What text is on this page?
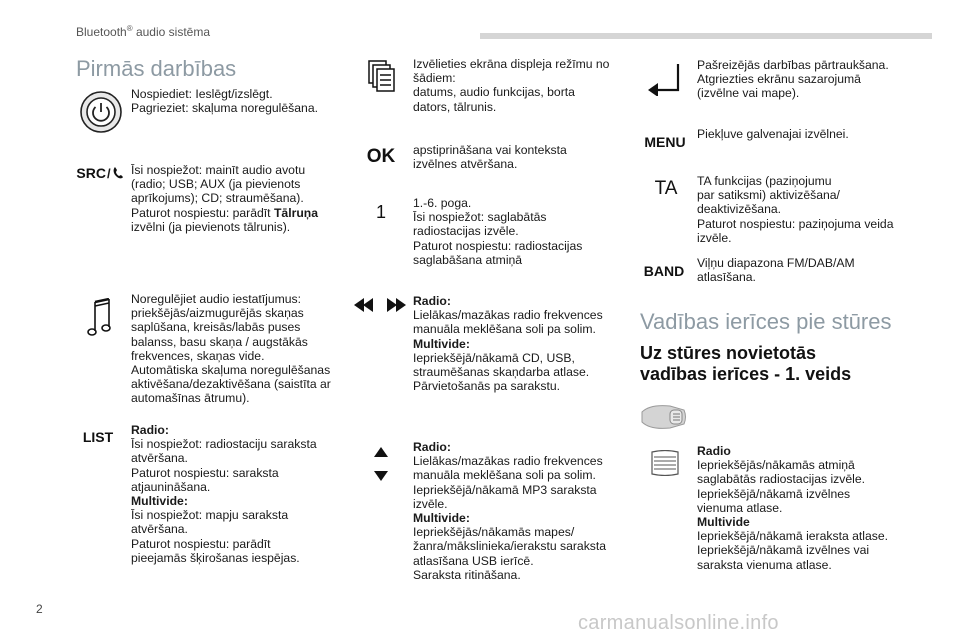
Bluetooth® audio sistēma
Pirmās darbības

Nospiediet: Ieslēgt/izslēgt.

Pagrieziet: skaļuma noregulēšana.

SRC / Īsi nospiežot: mainīt audio avotu

(radio; USB; AUX (ja pievienots

aprīkojums); CD; straumēšana).

Paturot nospiestu: parādīt Tālruņa

izvēlni (ja pievienots tālrunis).

Noregulējiet audio iestatījumus:

priekšējās/aizmugurējās skaņas

saplūšana, kreisās/labās puses

balanss, basu skaņa / augstākās

frekvences, skaņas vide.

Automātiska skaļuma noregulēšanas

aktivēšana/dezaktivēšana (saistīta ar

automašīnas ātrumu).

LIST Radio:

Īsi nospiežot: radiostaciju saraksta

atvēršana.

Paturot nospiestu: saraksta

atjaunināšana.

Multivide:

Īsi nospiežot: mapju saraksta

atvēršana.

Paturot nospiestu: parādīt

pieejamās šķirošanas iespējas.

Izvēlieties ekrāna displeja režīmu no

šādiem:

datums, audio funkcijas, borta

dators, tālrunis.

OK apstiprināšana vai konteksta

izvēlnes atvēršana.

1 1.-6. poga.

Īsi nospiežot: saglabātās

radiostacijas izvēle.

Paturot nospiestu: radiostacijas

saglabāšana atmiņā

Radio:

Lielākas/mazākas radio frekvences

manuāla meklēšana soli pa solim.

Multivide:

Iepriekšējā/nākamā CD, USB,

straumēšanas skaņdarba atlase.

Pārvietošanās pa sarakstu.

Radio:

Lielākas/mazākas radio frekvences

manuāla meklēšana soli pa solim.

Iepriekšējā/nākamā MP3 saraksta

izvēle.

Multivide:

Iepriekšējās/nākamās mapes/

žanra/mākslinieka/ierakstu saraksta

atlasīšana USB ierīcē.

Saraksta ritināšana.

Pašreizējās darbības pārtraukšana.

Atgriezties ekrānu sazarojumā

(izvēlne vai mape).

MENU Piekļuve galvenajai izvēlnei.

TA TA funkcijas (paziņojumu

par satiksmi) aktivizēšana/

deaktivizēšana.

Paturot nospiestu: paziņojuma veida

izvēle.

BAND Viļņu diapazona FM/DAB/AM

atlasīšana.

Vadības ierīces pie stūres
Uz stūres novietotās
vadības ierīces - 1. veids

Radio

Iepriekšējās/nākamās atmiņā

saglabātās radiostacijas izvēle.

Iepriekšējā/nākamā izvēlnes

vienuma atlase.

Multivide

Iepriekšējā/nākamā ieraksta atlase.

Iepriekšējā/nākamā izvēlnes vai

saraksta vienuma atlase.

2
carmanualsonline.info
